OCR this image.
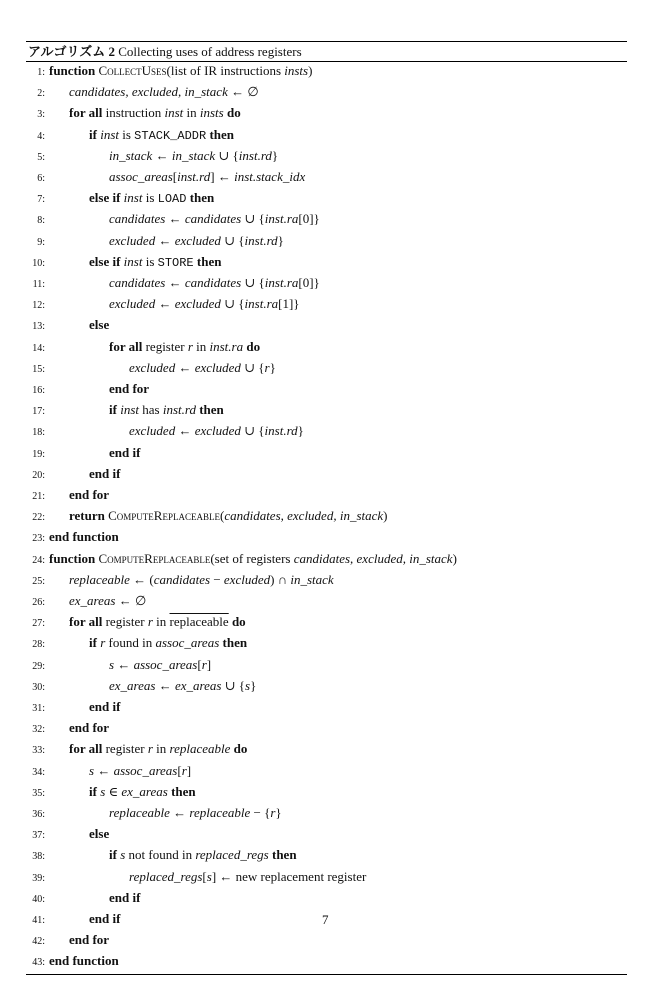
アルゴリズム 2 Collecting uses of address registers
1: function CollectUses(list of IR instructions insts)
2: candidates, excluded, in_stack ← ∅
3: for all instruction inst in insts do
4:	if inst is STACK_ADDR then
5:	in_stack ← in_stack ∪ {inst.rd}
6:	assoc_areas[inst.rd] ← inst.stack_idx
7:	else if inst is LOAD then
8:	candidates ← candidates ∪ {inst.ra[0]}
9:	excluded ← excluded ∪ {inst.rd}
10:	else if inst is STORE then
11:	candidates ← candidates ∪ {inst.ra[0]}
12:	excluded ← excluded ∪ {inst.ra[1]}
13:	else
14:	for all register r in inst.ra do
15:	excluded ← excluded ∪ {r}
16:	end for
17:	if inst has inst.rd then
18:	excluded ← excluded ∪ {inst.rd}
19:	end if
20:	end if
21: end for
22: return ComputeReplaceable(candidates, excluded, in_stack)
23: end function
24: function ComputeReplaceable(set of registers candidates, excluded, in_stack)
25: replaceable ← (candidates − excluded) ∩ in_stack
26: ex_areas ← ∅
27: for all register r in replaceable do
28:	if r found in assoc_areas then
29:	s ← assoc_areas[r]
30:	ex_areas ← ex_areas ∪ {s}
31:	end if
32: end for
33: for all register r in replaceable do
34:	s ← assoc_areas[r]
35:	if s ∈ ex_areas then
36:	replaceable ← replaceable − {r}
37:	else
38:	if s not found in replaced_regs then
39:	replaced_regs[s] ← new replacement register
40:	end if
41:	end if
42: end for
43: end function
7
